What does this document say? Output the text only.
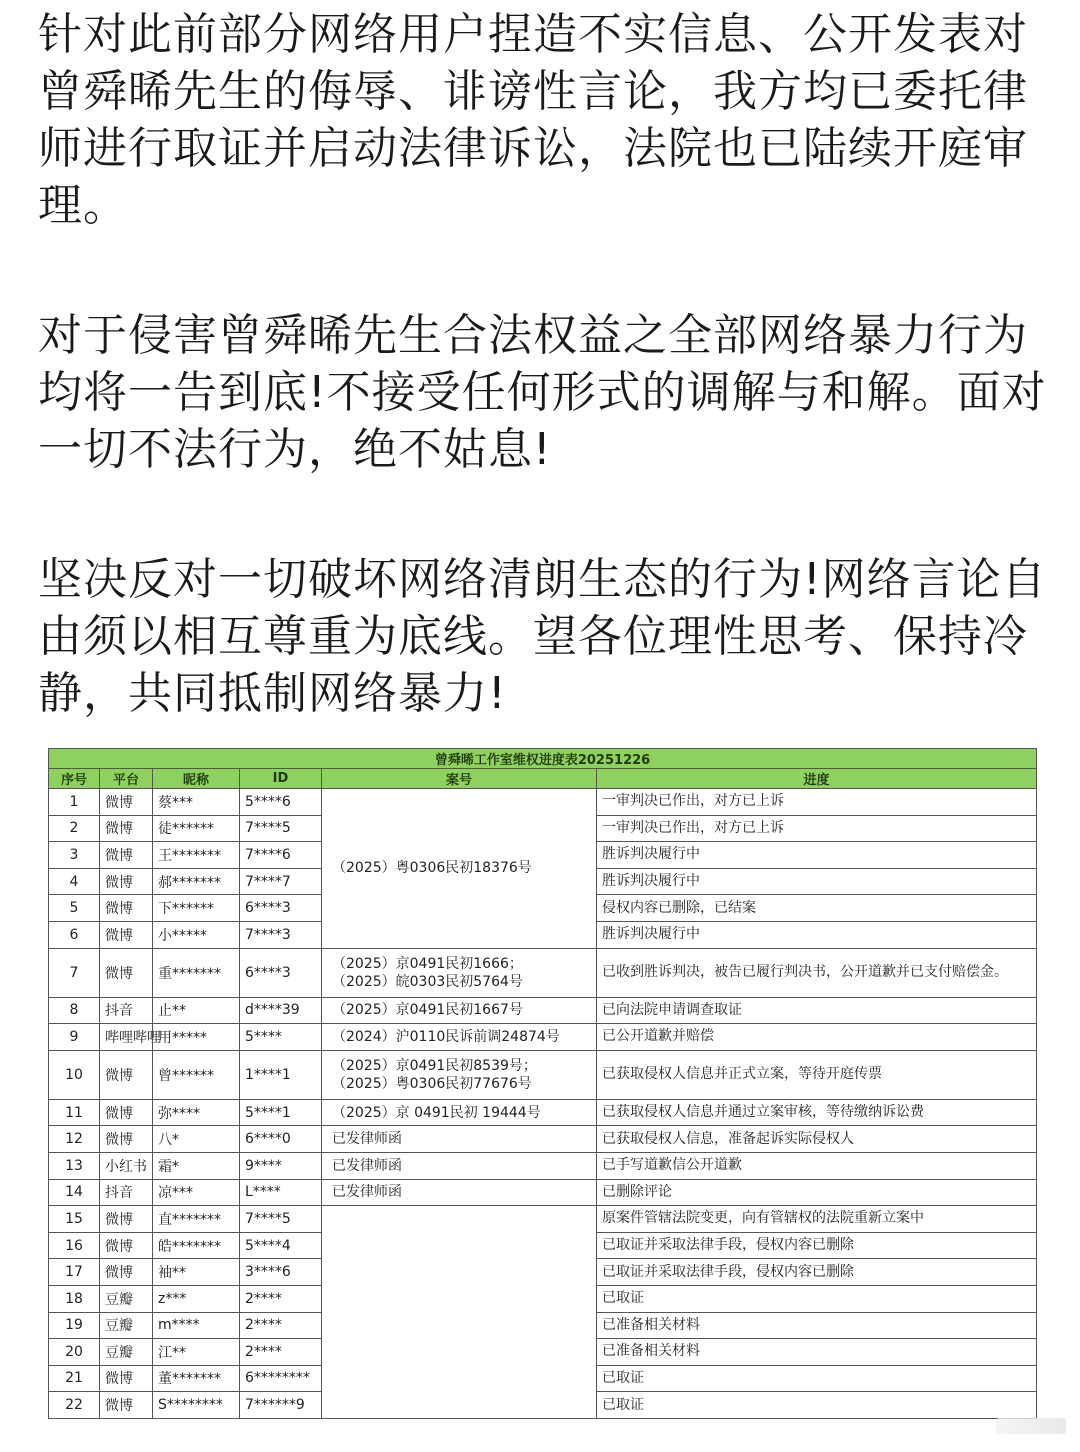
针对此前部分网络用户捏造不实信息、公开发表对曾舜晞先生的侮辱、诽谤性言论，我方均已委托律师进行取证并启动法律诉讼，法院也已陆续开庭审理。

对于侵害曾舜晞先生合法权益之全部网络暴力行为均将一告到底!不接受任何形式的调解与和解。面对一切不法行为，绝不姑息!

坚决反对一切破坏网络清朗生态的行为!网络言论自由须以相互尊重为底线。望各位理性思考、保持冷静，共同抵制网络暴力!

曾舜晞工作室维权进度表20251226					
序号	平台	昵称	ID	案号	进度
1	微博	蔡***	5****6	（2025）粤0306民初18376号	一审判决已作出，对方已上诉
2	微博	徒******	7****5		一审判决已作出，对方已上诉
3	微博	王*******	7****6		胜诉判决履行中
4	微博	郝*******	7****7		胜诉判决履行中
5	微博	下******	6****3		侵权内容已删除，已结案
6	微博	小*****	7****3		胜诉判决履行中
7	微博	重*******	6****3	（2025）京0491民初1666；
（2025）皖0303民初5764号	已收到胜诉判决，被告已履行判决书，公开道歉并已支付赔偿金。
8	抖音	止**	d****39	（2025）京0491民初1667号	已向法院申请调查取证
9	哔哩哔哩	用*****	5****	（2024）沪0110民诉前调24874号	已公开道歉并赔偿
10	微博	曾******	1****1	（2025）京0491民初8539号；
（2025）粤0306民初77676号	已获取侵权人信息并正式立案，等待开庭传票
11	微博	弥****	5****1	（2025）京 0491民初 19444号	已获取侵权人信息并通过立案审核，等待缴纳诉讼费
12	微博	八*	6****0	已发律师函	已获取侵权人信息，准备起诉实际侵权人
13	小红书	霜*	9****	已发律师函	已手写道歉信公开道歉
14	抖音	凉***	L****	已发律师函	已删除评论
15	微博	直*******	7****5		原案件管辖法院变更，向有管辖权的法院重新立案中
16	微博	皓*******	5****4		已取证并采取法律手段，侵权内容已删除
17	微博	袖**	3****6		已取证并采取法律手段，侵权内容已删除
18	豆瓣	z***	2****		已取证
19	豆瓣	m****	2****		已准备相关材料
20	豆瓣	江**	2****		已准备相关材料
21	微博	董*******	6********		已取证
22	微博	S********	7******9		已取证
